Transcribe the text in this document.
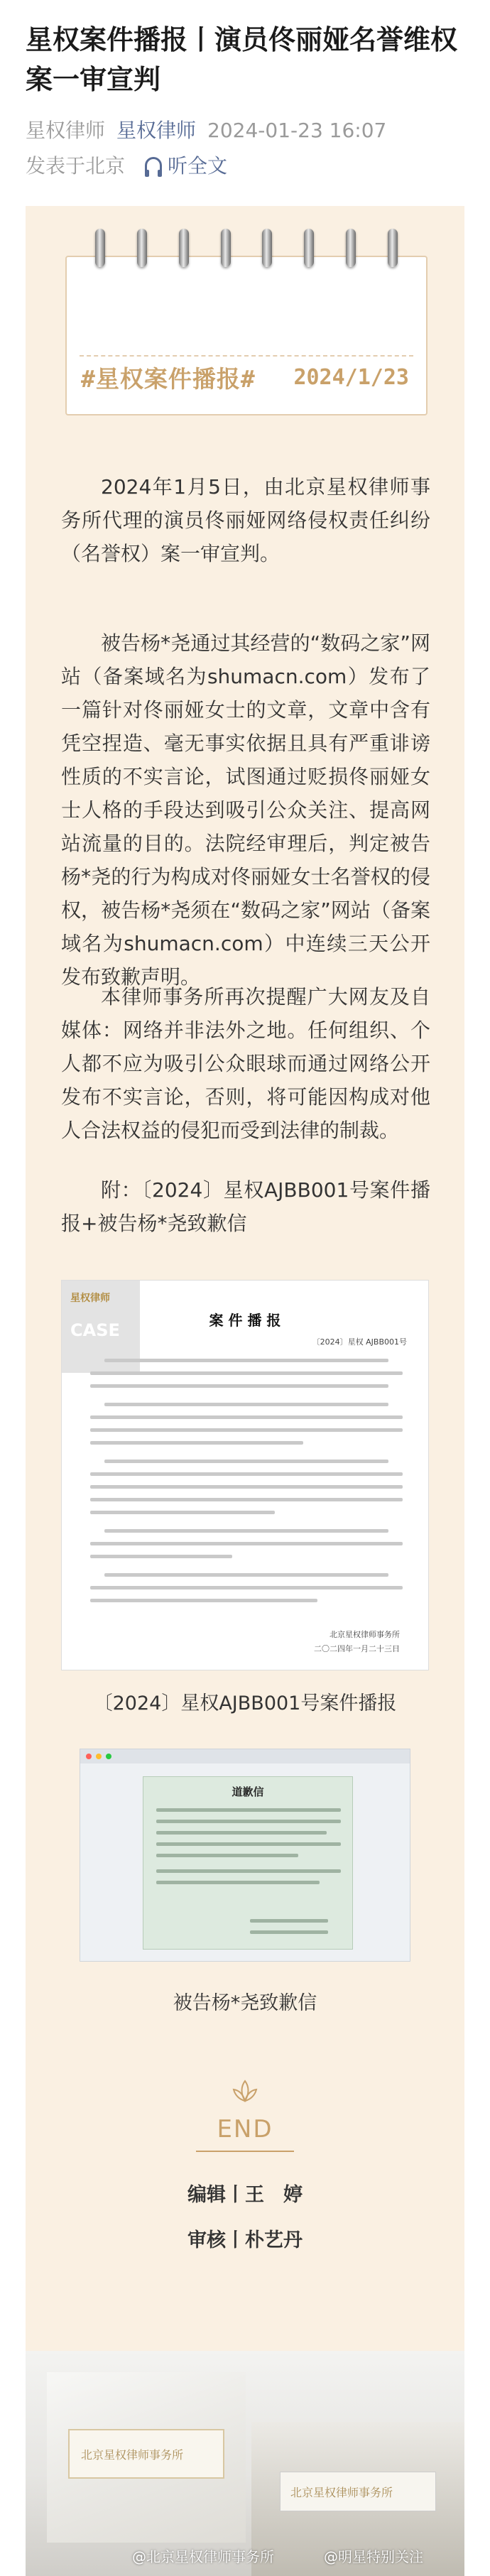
星权案件播报丨演员佟丽娅名誉维权案一审宣判
星权律师 星权律师 2024-01-23 16:07
发表于北京 听全文
#星权案件播报# 2024/1/23
2024年1月5日，由北京星权律师事务所代理的演员佟丽娅网络侵权责任纠纷（名誉权）案一审宣判。
被告杨*尧通过其经营的“数码之家”网站（备案域名为shumacn.com）发布了一篇针对佟丽娅女士的文章，文章中含有凭空捏造、毫无事实依据且具有严重诽谤性质的不实言论，试图通过贬损佟丽娅女士人格的手段达到吸引公众关注、提高网站流量的目的。法院经审理后，判定被告杨*尧的行为构成对佟丽娅女士名誉权的侵权，被告杨*尧须在“数码之家”网站（备案域名为shumacn.com）中连续三天公开发布致歉声明。
本律师事务所再次提醒广大网友及自媒体：网络并非法外之地。任何组织、个人都不应为吸引公众眼球而通过网络公开发布不实言论，否则，将可能因构成对他人合法权益的侵犯而受到法律的制裁。
附：〔2024〕星权AJBB001号案件播报+被告杨*尧致歉信
星权律师
CASE	案 件 播 报
〔2024〕星权 AJBB001号
北京星权律师事务所
二〇二四年一月二十三日
〔2024〕星权AJBB001号案件播报
道歉信
被告杨*尧致歉信
END
编辑丨王　婷
审核丨朴艺丹
北京星权律师事务所
北京星权律师事务所
@北京星权律师事务所	@明星特别关注
